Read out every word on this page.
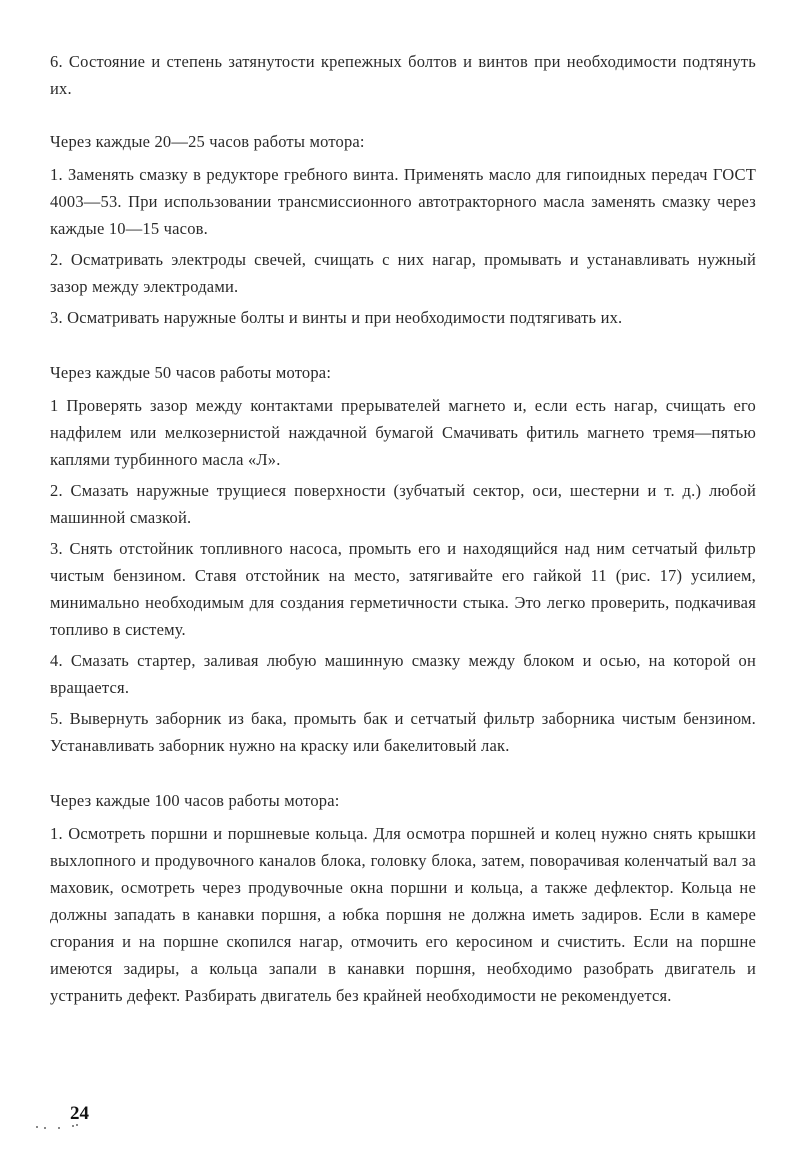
6. Состояние и степень затянутости крепежных болтов и винтов при необходимости подтянуть их.

Через каждые 20—25 часов работы мотора:

1. Заменять смазку в редукторе гребного винта. Применять масло для гипоидных передач ГОСТ 4003—53. При использовании трансмиссионного автотракторного масла заменять смазку через каждые 10—15 часов.

2. Осматривать электроды свечей, счищать с них нагар, промывать и устанавливать нужный зазор между электродами.

3. Осматривать наружные болты и винты и при необходимости подтягивать их.

Через каждые 50 часов работы мотора:

1 Проверять зазор между контактами прерывателей магнето и, если есть нагар, счищать его надфилем или мелкозернистой наждачной бумагой Смачивать фитиль магнето тремя—пятью каплями турбинного масла «Л».

2. Смазать наружные трущиеся поверхности (зубчатый сектор, оси, шестерни и т. д.) любой машинной смазкой.

3. Снять отстойник топливного насоса, промыть его и находящийся над ним сетчатый фильтр чистым бензином. Ставя отстойник на место, затягивайте его гайкой 11 (рис. 17) усилием, минимально необходимым для создания герметичности стыка. Это легко проверить, подкачивая топливо в систему.

4. Смазать стартер, заливая любую машинную смазку между блоком и осью, на которой он вращается.

5. Вывернуть заборник из бака, промыть бак и сетчатый фильтр заборника чистым бензином. Устанавливать заборник нужно на краску или бакелитовый лак.

Через каждые 100 часов работы мотора:

1. Осмотреть поршни и поршневые кольца. Для осмотра поршней и колец нужно снять крышки выхлопного и продувочного каналов блока, головку блока, затем, поворачивая коленчатый вал за маховик, осмотреть через продувочные окна поршни и кольца, а также дефлектор. Кольца не должны западать в канавки поршня, а юбка поршня не должна иметь задиров. Если в камере сгорания и на поршне скопился нагар, отмочить его керосином и счистить. Если на поршне имеются задиры, а кольца запали в канавки поршня, необходимо разобрать двигатель и устранить дефект. Разбирать двигатель без крайней необходимости не рекомендуется.

24
